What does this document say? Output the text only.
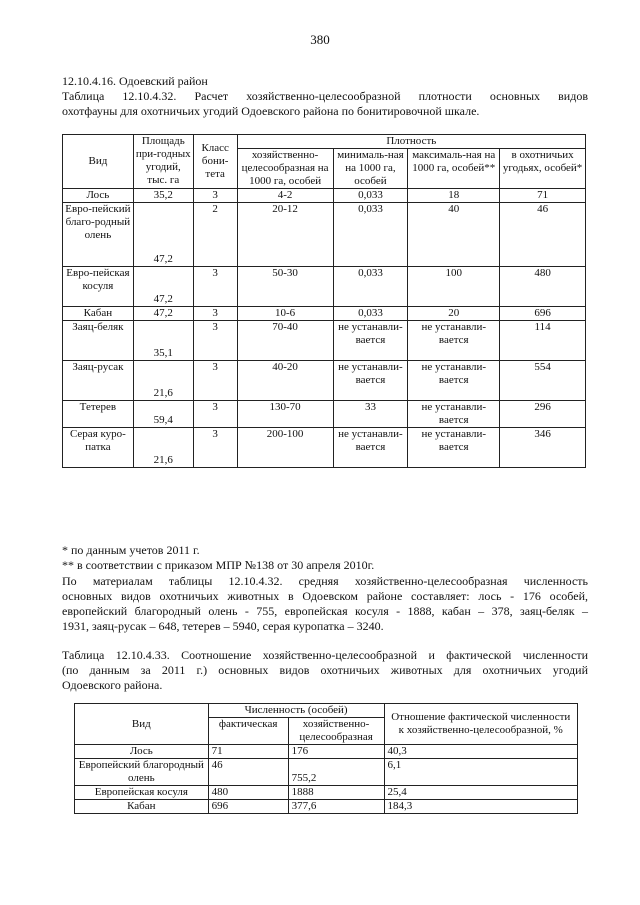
380
12.10.4.16. Одоевский район
Таблица 12.10.4.32. Расчет хозяйственно-целесообразной плотности основных видов
охотфауны для охотничьих угодий Одоевского района по бонитировочной шкале.
Вид	Площадь при-годных угодий, тыс. га	Класс бони-тета	Плотность			
			хозяйственно-целесообразная на 1000 га, особей	минималь-ная на 1000 га, особей	максималь-ная на 1000 га, особей**	в охотничьих угодьях, особей*
Лось	35,2	3	4-2	0,033	18	71
Евро-пейский благо-родный олень	47,2	2	20-12	0,033	40	46
Евро-пейская косуля	47,2	3	50-30	0,033	100	480
Кабан	47,2	3	10-6	0,033	20	696
Заяц-беляк	35,1	3	70-40	не устанавли-вается	не устанавли-вается	114
Заяц-русак	21,6	3	40-20	не устанавли-вается	не устанавли-вается	554
Тетерев	59,4	3	130-70	33	не устанавли-вается	296
Серая куро-патка	21,6	3	200-100	не устанавли-вается	не устанавли-вается	346
* по данным учетов 2011 г.
** в соответствии с приказом МПР №138 от 30 апреля 2010г.
По материалам таблицы 12.10.4.32. средняя хозяйственно-целесообразная численность
основных видов охотничьих животных в Одоевском районе составляет: лось - 176 особей,
европейский благородный олень - 755, европейская косуля - 1888, кабан – 378, заяц-беляк –
1931, заяц-русак – 648, тетерев – 5940, серая куропатка – 3240.
Таблица 12.10.4.33. Соотношение хозяйственно-целесообразной и фактической численности
(по данным за 2011 г.) основных видов охотничьих животных для охотничьих угодий
Одоевского района.
Вид	Численность (особей)		Отношение фактической численности к хозяйственно-целесообразной, %
	фактическая	хозяйственно-целесообразная	
Лось	71	176	40,3
Европейский благородный олень	46	755,2	6,1
Европейская косуля	480	1888	25,4
Кабан	696	377,6	184,3
